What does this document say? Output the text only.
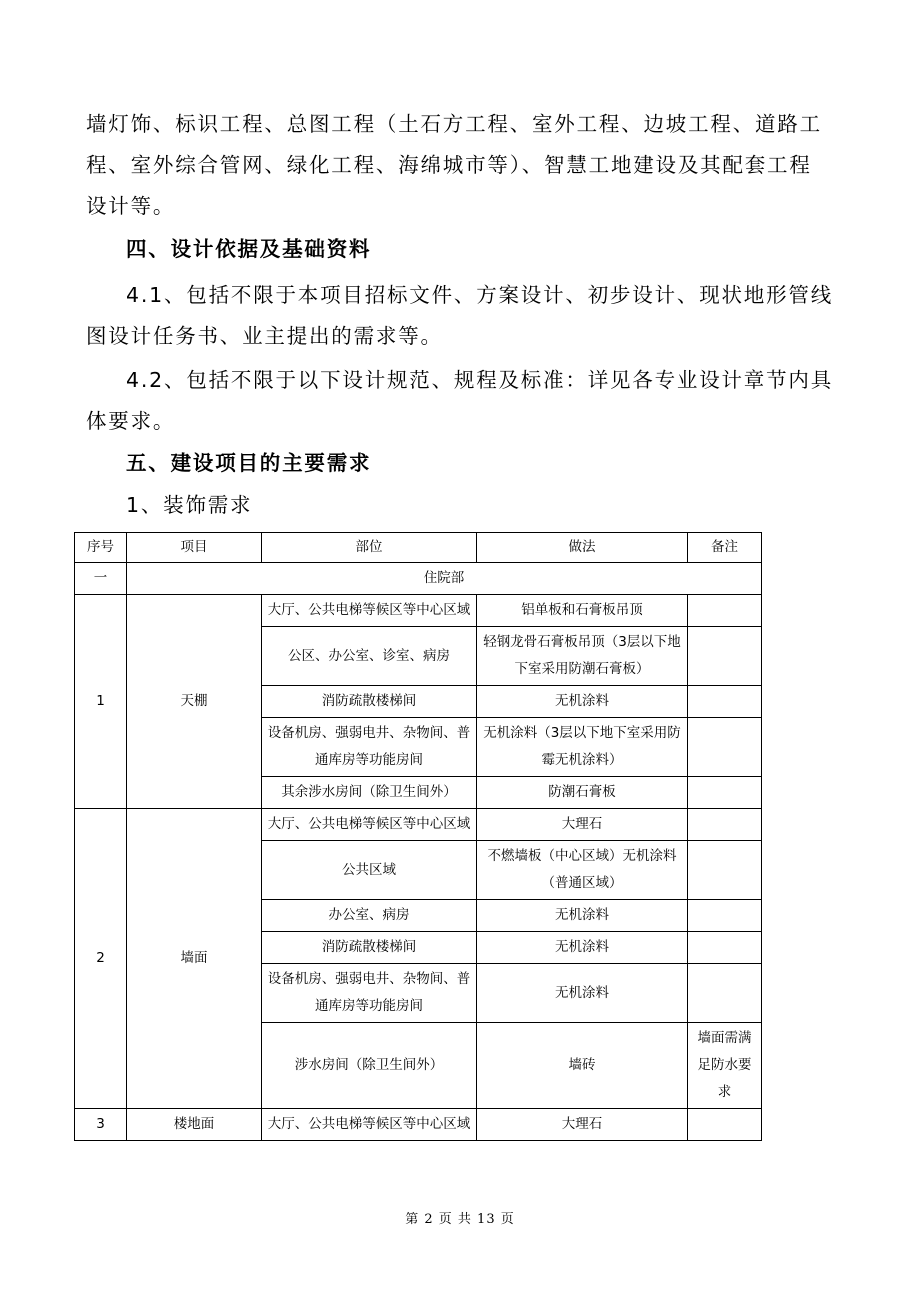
墙灯饰、标识工程、总图工程（土石方工程、室外工程、边坡工程、道路工
程、室外综合管网、绿化工程、海绵城市等）、智慧工地建设及其配套工程
设计等。

四、设计依据及基础资料

4.1、包括不限于本项目招标文件、方案设计、初步设计、现状地形管线
图设计任务书、业主提出的需求等。

4.2、包括不限于以下设计规范、规程及标准：详见各专业设计章节内具
体要求。

五、建设项目的主要需求

1、装饰需求

序号	项目	部位	做法	备注
一	住院部			
1	天棚	大厅、公共电梯等候区等中心区域	铝单板和石膏板吊顶	
		公区、办公室、诊室、病房	轻钢龙骨石膏板吊顶（3层以下地下室采用防潮石膏板）	
		消防疏散楼梯间	无机涂料	
		设备机房、强弱电井、杂物间、普通库房等功能房间	无机涂料（3层以下地下室采用防霉无机涂料）	
		其余涉水房间（除卫生间外）	防潮石膏板	
2	墙面	大厅、公共电梯等候区等中心区域	大理石	
		公共区域	不燃墙板（中心区域）无机涂料（普通区域）	
		办公室、病房	无机涂料	
		消防疏散楼梯间	无机涂料	
		设备机房、强弱电井、杂物间、普通库房等功能房间	无机涂料	
		涉水房间（除卫生间外）	墙砖	墙面需满足防水要求
3	楼地面	大厅、公共电梯等候区等中心区域	大理石	
第 2 页 共 13 页
